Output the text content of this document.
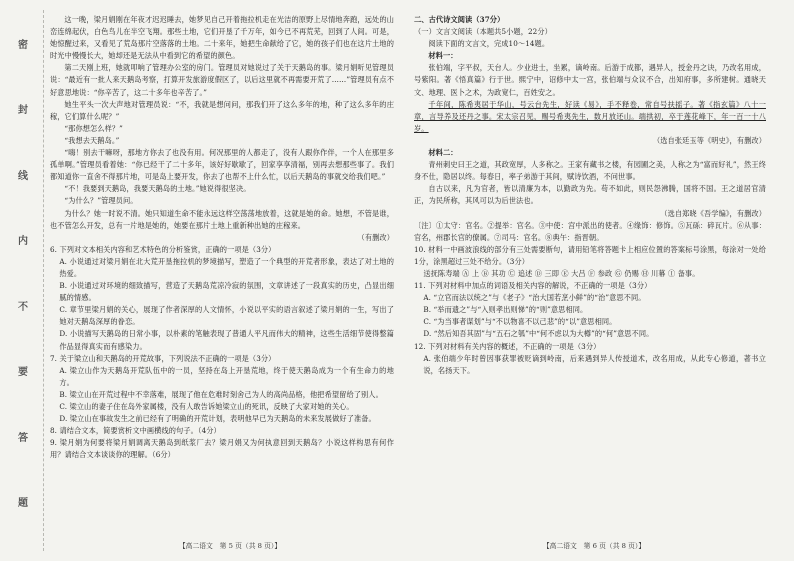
密
封
线
内
不
要
答
题

这一晚，梁月娟刚在年夜才迟迟睡去，她梦见自己开着拖拉机走在光洁的原野上尽情地奔跑，远处的山峦连绵起伏，白色鸟儿在半空飞翔。那些土地，它们开垦了千万年，如今已不再荒芜，回到了人间。可是，她惊醒过来，又看见了荒岛那片空落落的土地。二十来年，她把生命献给了它，她的孩子们也在这片土地的时光中慢慢长大，她却还是无法从中看到它的希望的颜色。

第二天刚上班，她就叩响了管理办公室的房门。管理员对她说过了关于天鹅岛的事。梁月娟听见管理员说：“最近有一批人来天鹅岛考察，打算开发旅游度假区了，以后这里就不再需要开荒了……”管理员有点不好意思地说：“你辛苦了，这二十多年也辛苦了。”

她生平头一次大声地对管理员说：“不，我就是想问问，那我们开了这么多年的地，种了这么多年的庄稼，它们算什么呢？”

“那你想怎么样？”

“我想去天鹅岛。”

“嗨！别去干嘛呀，那地方你去了也没有用。何况那里的人都走了，没有人跟你作伴，一个人在那里多孤单啊。”管理员看着她：“你已经干了二十多年，该好好歇歇了，回家享享清福，别再去想那些事了。我们都知道你一直舍不得那片地，可是岛上要开发，你去了也帮不上什么忙，以后天鹅岛的事就交给我们吧。”

“不！我要到天鹅岛，我要天鹅岛的土地。”她说得很坚决。

“为什么？”管理员问。

为什么？她一时说不清。她只知道生命不能永远这样空荡荡地放着，这就是她的命。她想，不管是谁，也不管怎么开发，总有一片地是她的，她要在那片土地上重新种出她的庄稼来。

（有删改）

6. 下列对文本相关内容和艺术特色的分析鉴赏，正确的一项是（3分）

A. 小说通过对梁月娟在北大荒开垦拖拉机的梦境描写，塑造了一个典型的开荒者形象，表达了对土地的热爱。

B. 小说通过对环境的细致描写，营造了天鹅岛荒凉冷寂的氛围，文章讲述了一段真实的历史，凸显出细腻的情感。

C. 章节里梁月娟的关心，展现了作者深厚的人文情怀，小说以平实的语言叙述了梁月娟的一生，写出了她对天鹅岛深厚的眷恋。

D. 小说描写天鹅岛的日常小事，以朴素的笔触表现了普通人平凡而伟大的精神，这些生活细节使得整篇作品显得真实而有感染力。

7. 关于梁立山和天鹅岛的开荒故事，下列说法不正确的一项是（3分）

A. 梁立山作为天鹅岛开荒队伍中的一员，坚持在岛上开垦荒地，终于使天鹅岛成为一个有生命力的地方。

B. 梁立山在开荒过程中不幸落难，展现了他在危难时刻舍己为人的高尚品格，他把希望留给了别人。

C. 梁立山的妻子住在岛外家属楼，没有人敢告诉她梁立山的死讯，反映了大家对她的关心。

D. 梁立山在事故发生之前已经有了明确的开荒计划，表明他早已为天鹅岛的未来发展做好了准备。

8. 请结合文本，简要赏析文中画横线的句子。（4分）

9. 梁月娟为何要将梁月娟调离天鹅岛到纸浆厂去？梁月娟又为何执意回到天鹅岛？小说这样构思有何作用？请结合文本谈谈你的理解。（6分）

二、古代诗文阅读（37分）

（一）文言文阅读（本题共5小题，22分）

阅读下面的文言文，完成10～14题。

材料一：

张伯端，字平叔，天台人。少业进士，坐累，谪岭南。后游于成都，遇异人，授金丹之诀，乃改名用成，号紫阳。著《悟真篇》行于世。熙宁中，诏修中太一宫，张伯端与众议不合，出知府事，多所建树。通晓天文、地理、医卜之术，为政宽仁，百姓安之。

千年间，陈希夷居于华山，号云台先生，好读《易》，手不释卷，常自号扶摇子。著《指玄篇》八十一章，言导养及还丹之事。宋太宗召见，赐号希夷先生，数月放还山。端拱初，卒于莲花峰下，年一百一十八岁。

（选自张廷玉等《明史》，有删改）

材料二：

青州刺史曰王之道，其政宽厚，人多称之。王家有藏书之楼，有园圃之美，人称之为“富而好礼”，然王终身不仕，隐居以终。每春日，率子弟游于其间，赋诗饮酒，不问世事。

自古以来，凡为官者，皆以清廉为本，以勤政为先。苟不如此，则民怨沸腾，国将不国。王之道居官清正，为民所称，其风可以为后世法也。

（选自郑晓《吾学编》，有删改）

〔注〕①太守：官名。②提举：官名。③中使：宫中派出的使者。④缘饰：修饰。⑤瓦砾：碎瓦片。⑥从事：官名，州郡长官的僚属。⑦司马：官名。⑧典午：指晋朝。

10. 材料一中画波浪线的部分有三处需要断句，请用铅笔将答题卡上相应位置的答案标号涂黑，每涂对一处给1分，涂黑超过三处不给分。（3分）

送抚陈寿端 Ⓐ 上 Ⓑ 其功 Ⓒ 追述 Ⓓ 三即 Ⓔ 大吕 Ⓕ 参政 Ⓖ 仍赐 Ⓗ 川幕 Ⓘ 备事。

11. 下列对材料中加点的词语及相关内容的解说，不正确的一项是（3分）

A. “立官而法以统之”与《老子》“治大国若烹小鲜”的“治”意思不同。

B. “举而遗之”与“入则孝出则悌”的“则”意思相同。

C. “为当事者谋划”与“不以物喜不以己悲”的“以”意思相同。

D. “然后知吾其固”与“五石之瓠”中“何不虑以为大樽”的“何”意思不同。

12. 下列对材料有关内容的概述，不正确的一项是（3分）

A. 张伯端少年时曾因事获罪被贬谪到岭南，后来遇到异人传授道术，改名用成，从此专心修道，著书立说，名扬天下。

【高二语文　第 5 页（共 8 页）】	【高二语文　第 6 页（共 8 页）】
